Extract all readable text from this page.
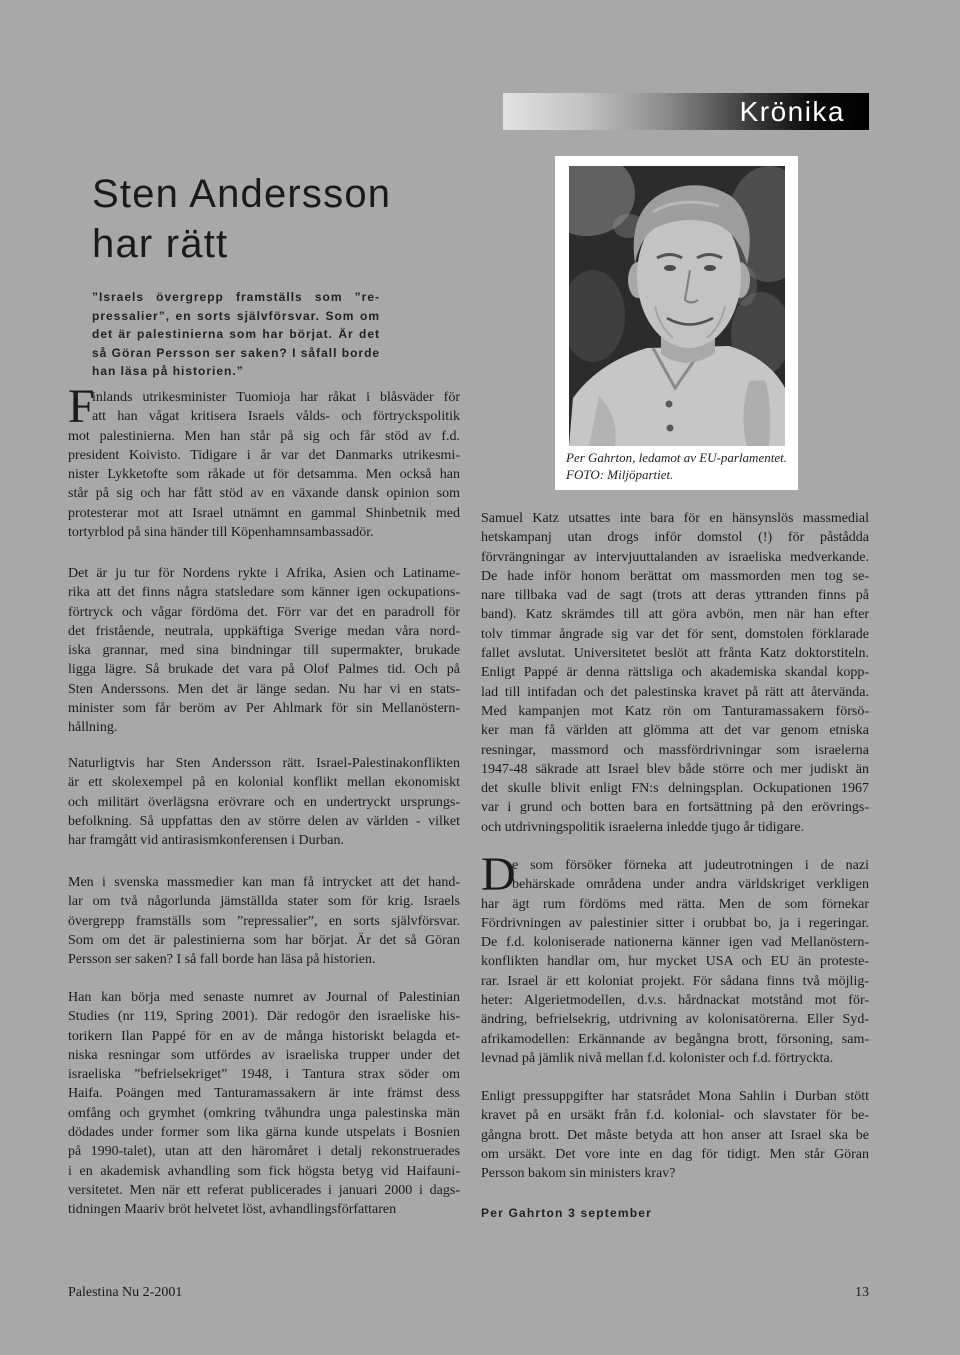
Krönika
Sten Andersson
har rätt
”Israels övergrepp framställs som ”re-
pressalier”, en sorts självförsvar. Som om
det är palestinierna som har börjat. Är det
så Göran Persson ser saken? I såfall borde
han läsa på historien.”
F
inlands utrikesminister Tuomioja har råkat i blåsväder för
att han vågat kritisera Israels vålds- och förtryckspolitik
mot palestinierna. Men han står på sig och får stöd av f.d.
president Koivisto. Tidigare i år var det Danmarks utrikesmi-
nister Lykketofte som råkade ut för detsamma. Men också han
står på sig och har fått stöd av en växande dansk opinion som
protesterar mot att Israel utnämnt en gammal Shinbetnik med
tortyrblod på sina händer till Köpenhamnsambassadör.
Det är ju tur för Nordens rykte i Afrika, Asien och Latiname-
rika att det finns några statsledare som känner igen ockupations-
förtryck och vågar fördöma det. Förr var det en paradroll för
det fristående, neutrala, uppkäftiga Sverige medan våra nord-
iska grannar, med sina bindningar till supermakter, brukade
ligga lägre. Så brukade det vara på Olof Palmes tid. Och på
Sten Anderssons. Men det är länge sedan. Nu har vi en stats-
minister som får beröm av Per Ahlmark för sin Mellanöstern-
hållning.
Naturligtvis har Sten Andersson rätt. Israel-Palestinakonflikten
är ett skolexempel på en kolonial konflikt mellan ekonomiskt
och militärt överlägsna erövrare och en undertryckt ursprungs-
befolkning. Så uppfattas den av större delen av världen - vilket
har framgått vid antirasismkonferensen i Durban.
Men i svenska massmedier kan man få intrycket att det hand-
lar om två någorlunda jämställda stater som för krig. Israels
övergrepp framställs som ”repressalier”, en sorts självförsvar.
Som om det är palestinierna som har börjat. Är det så Göran
Persson ser saken? I så fall borde han läsa på historien.
Han kan börja med senaste numret av Journal of Palestinian
Studies (nr 119, Spring 2001). Där redogör den israeliske his-
torikern Ilan Pappé för en av de många historiskt belagda et-
niska resningar som utfördes av israeliska trupper under det
israeliska ”befrielsekriget” 1948, i Tantura strax söder om
Haifa. Poängen med Tanturamassakern är inte främst dess
omfång och grymhet (omkring tvåhundra unga palestinska män
dödades under former som lika gärna kunde utspelats i Bosnien
på 1990-talet), utan att den häromåret i detalj rekonstruerades
i en akademisk avhandling som fick högsta betyg vid Haifauni-
versitetet. Men när ett referat publicerades i januari 2000 i dags-
tidningen Maariv bröt helvetet löst, avhandlingsförfattaren
Samuel Katz utsattes inte bara för en hänsynslös massmedial
hetskampanj utan drogs inför domstol (!) för påstådda
förvrängningar av intervjuuttalanden av israeliska medverkande.
De hade inför honom berättat om massmorden men tog se-
nare tillbaka vad de sagt (trots att deras yttranden finns på
band). Katz skrämdes till att göra avbön, men när han efter
tolv timmar ångrade sig var det för sent, domstolen förklarade
fallet avslutat. Universitetet beslöt att frånta Katz doktorstiteln.
Enligt Pappé är denna rättsliga och akademiska skandal kopp-
lad till intifadan och det palestinska kravet på rätt att återvända.
Med kampanjen mot Katz rön om Tanturamassakern försö-
ker man få världen att glömma att det var genom etniska
resningar, massmord och massfördrivningar som israelerna
1947-48 säkrade att Israel blev både större och mer judiskt än
det skulle blivit enligt FN:s delningsplan. Ockupationen 1967
var i grund och botten bara en fortsättning på den erövrings-
och utdrivningspolitik israelerna inledde tjugo år tidigare.
D
e som försöker förneka att judeutrotningen i de nazi
behärskade områdena under andra världskriget verkligen
har ägt rum fördöms med rätta. Men de som förnekar
Fördrivningen av palestinier sitter i orubbat bo, ja i regeringar.
De f.d. koloniserade nationerna känner igen vad Mellanöstern-
konflikten handlar om, hur mycket USA och EU än proteste-
rar. Israel är ett koloniat projekt. För sådana finns två möjlig-
heter: Algerietmodellen, d.v.s. hårdnackat motstånd mot för-
ändring, befrielsekrig, utdrivning av kolonisatörerna. Eller Syd-
afrikamodellen: Erkännande av begångna brott, försoning, sam-
levnad på jämlik nivå mellan f.d. kolonister och f.d. förtryckta.
Enligt pressuppgifter har statsrådet Mona Sahlin i Durban stött
kravet på en ursäkt från f.d. kolonial- och slavstater för be-
gångna brott. Det måste betyda att hon anser att Israel ska be
om ursäkt. Det vore inte en dag för tidigt. Men står Göran
Persson bakom sin ministers krav?
Per Gahrton, ledamot av EU-parlamentet.
FOTO: Miljöpartiet.
Per Gahrton 3 september
Palestina Nu 2-2001	13
